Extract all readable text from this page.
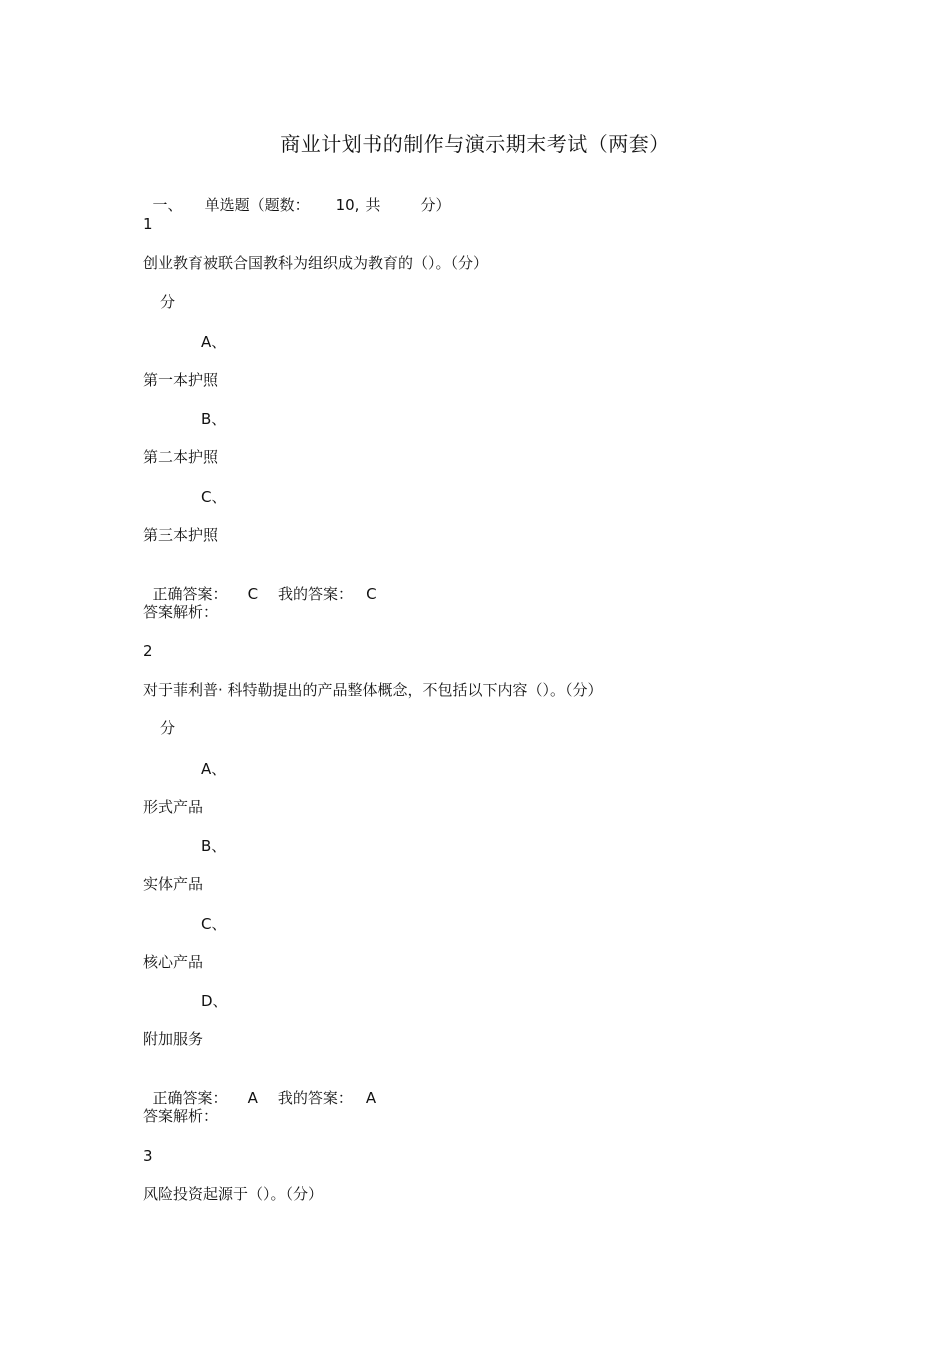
商业计划书的制作与演示期末考试（两套）

一、 单选题（题数： 10, 共	分）

1
创业教育被联合国教科为组织成为教育的（）。（分）
分
A、
第一本护照
B、
第二本护照
C、
第三本护照

正确答案： C 我的答案： C

答案解析：
2
对于菲利普· 科特勒提出的产品整体概念，不包括以下内容（）。（分）
分
A、
形式产品
B、
实体产品
C、
核心产品
D、
附加服务

正确答案： A 我的答案： A

答案解析：
3
风险投资起源于（）。（分）
